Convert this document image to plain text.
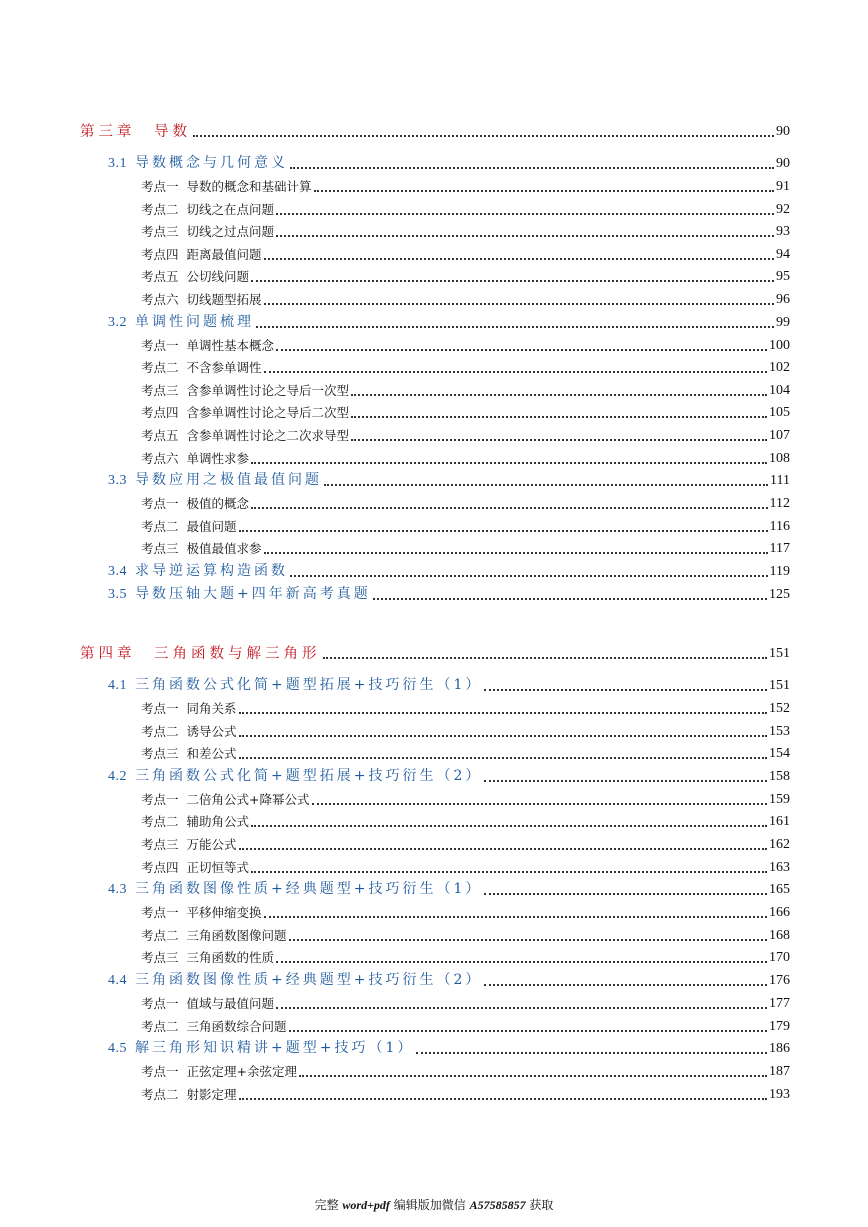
第三章　导数	90
3.1 导数概念与几何意义	90
考点一 导数的概念和基础计算	91
考点二 切线之在点问题	92
考点三 切线之过点问题	93
考点四 距离最值问题	94
考点五 公切线问题	95
考点六 切线题型拓展	96
3.2 单调性问题梳理	99
考点一 单调性基本概念	100
考点二 不含参单调性	102
考点三 含参单调性讨论之导后一次型	104
考点四 含参单调性讨论之导后二次型	105
考点五 含参单调性讨论之二次求导型	107
考点六 单调性求参	108
3.3 导数应用之极值最值问题	111
考点一 极值的概念	112
考点二 最值问题	116
考点三 极值最值求参	117
3.4 求导逆运算构造函数	119
3.5 导数压轴大题+四年新高考真题	125
第四章　三角函数与解三角形	151
4.1 三角函数公式化简+题型拓展+技巧衍生（1）	151
考点一 同角关系	152
考点二 诱导公式	153
考点三 和差公式	154
4.2 三角函数公式化简+题型拓展+技巧衍生（2）	158
考点一 二倍角公式+降幂公式	159
考点二 辅助角公式	161
考点三 万能公式	162
考点四 正切恒等式	163
4.3 三角函数图像性质+经典题型+技巧衍生（1）	165
考点一 平移伸缩变换	166
考点二 三角函数图像问题	168
考点三 三角函数的性质	170
4.4 三角函数图像性质+经典题型+技巧衍生（2）	176
考点一 值域与最值问题	177
考点二 三角函数综合问题	179
4.5 解三角形知识精讲+题型+技巧（1）	186
考点一 正弦定理+余弦定理	187
考点二 射影定理	193
完整 word+pdf 编辑版加微信 A57585857 获取
